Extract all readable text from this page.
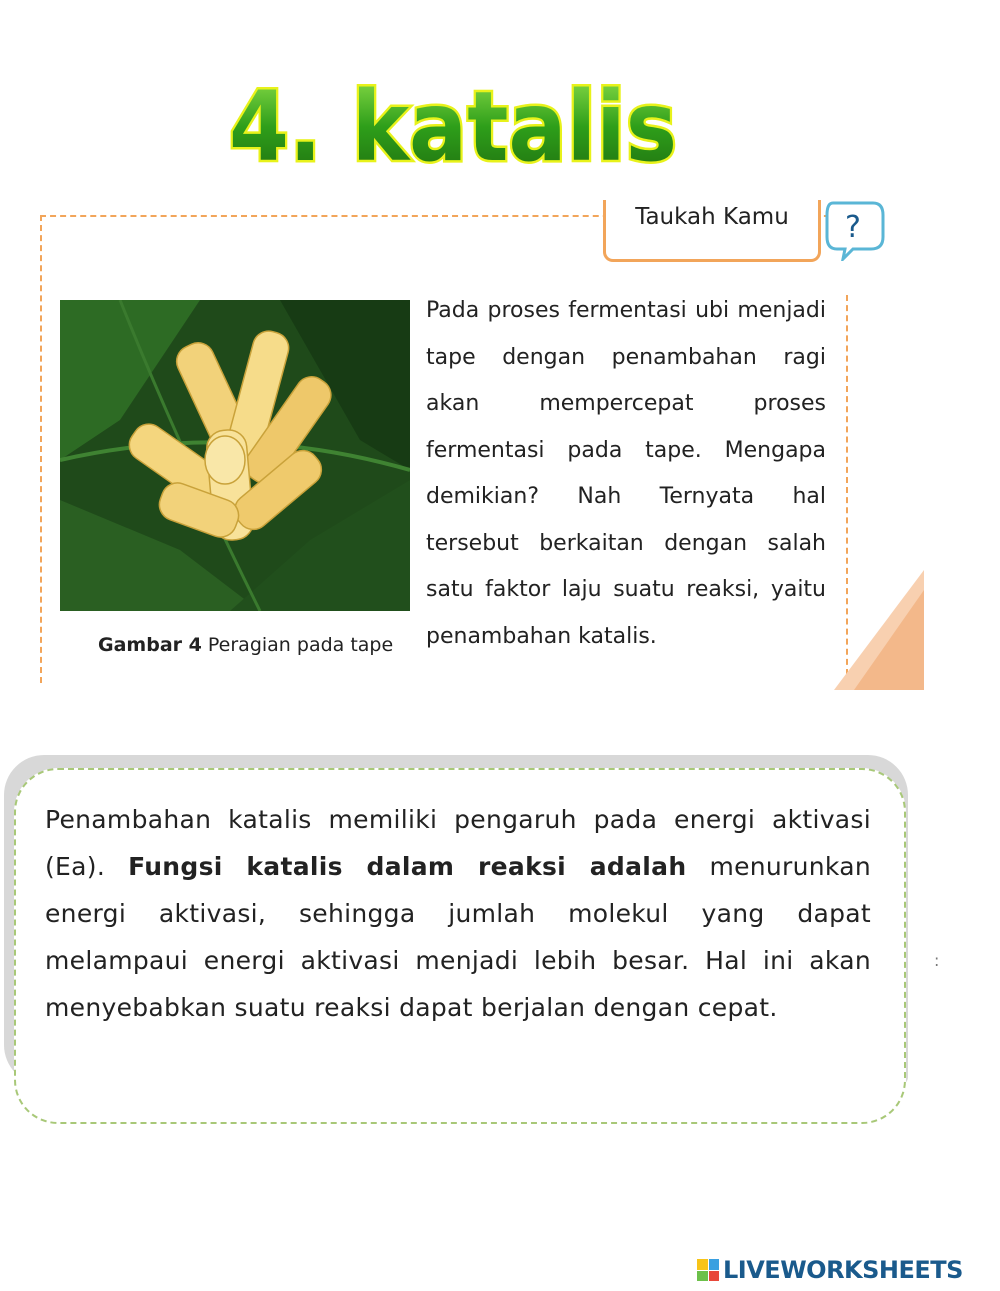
4. katalis
Taukah Kamu	?
Gambar 4 Peragian pada tape
Pada proses fermentasi ubi menjadi tape dengan penambahan ragi akan mempercepat proses fermentasi pada tape. Mengapa demikian? Nah Ternyata hal tersebut berkaitan dengan salah satu faktor laju suatu reaksi, yaitu penambahan katalis.
Penambahan katalis memiliki pengaruh pada energi aktivasi (Ea). Fungsi katalis dalam reaksi adalah menurunkan energi aktivasi, sehingga jumlah molekul yang dapat melampaui energi aktivasi menjadi lebih besar. Hal ini akan menyebabkan suatu reaksi dapat berjalan dengan cepat.
:
LIVEWORKSHEETS
